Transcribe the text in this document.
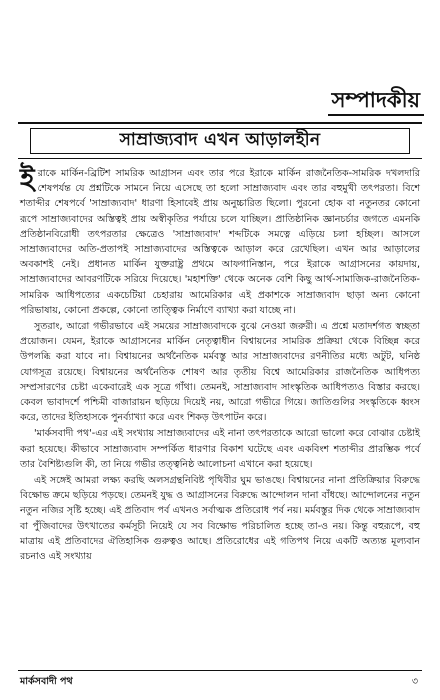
সম্পাদকীয়
সাম্রাজ্যবাদ এখন আড়ালহীন

ইরাকে মার্কিন-ব্রিটিশ সামরিক আগ্রাসন এবং তার পরে ইরাকে মার্কিন রাজনৈতিক-সামরিক দখলদারি শেষপর্যন্ত যে প্রশ্নটিকে সামনে নিয়ে এসেছে তা হলো সাম্রাজ্যবাদ এবং তার বহুমুখী তৎপরতা। বিশে শতাব্দীর শেষপর্বে 'সাম্রাজ্যবাদ' ধারণা হিসাবেই প্রায় অনুচ্চারিত ছিলো। পুরনো হোক বা নতুনতর কোনো রূপে সাম্রাজ্যবাদের অস্তিত্বই প্রায় অস্বীকৃতির পর্যায়ে চলে যাচ্ছিল। প্রাতিষ্ঠানিক জ্ঞানচর্চার জগতে এমনকি প্রতিষ্ঠানবিরোধী তৎপরতার ক্ষেত্রেও 'সাম্রাজ্যবাদ' শব্দটিকে সমত্নে এড়িয়ে চলা হচ্ছিল। আসলে সাম্রাজ্যবাদের অতি-প্রতাপই সাম্রাজ্যবাদের অস্তিত্বকে আড়াল করে রেখেছিল। এখন আর আড়ালের অবকাশই নেই। প্রধানত মার্কিন যুক্তরাষ্ট্র প্রথমে আফগানিস্তান, পরে ইরাকে আগ্রাসনের কায়দায়, সাম্রাজ্যবাদের আবরণটিকে সরিয়ে দিয়েছে। 'মহাশক্তি' থেকে অনেক বেশি কিছু আর্থ-সামাজিক-রাজনৈতিক-সামরিক আধিপত্যের একচেটিয়া চেহারায় আমেরিকার এই প্রকাশকে সাম্রাজ্যবাদ ছাড়া অন্য কোনো পরিভাষায়, কোনো প্রকল্পে, কোনো তাত্ত্বিক নির্মাণে ব্যাখ্যা করা যাচ্ছে না।

সুতরাং, আরো গভীরভাবে এই সময়ের সাম্রাজ্যবাদকে বুঝে নেওয়া জরুরী। এ প্রশ্নে মতাদর্শগত স্বচ্ছতা প্রয়োজন। যেমন, ইরাকে আগ্রাসনের মার্কিন নেতৃত্বাধীন বিশ্বায়নের সামরিক প্রক্রিয়া থেকে বিচ্ছিন্ন করে উপলব্ধি করা যাবে না। বিশ্বায়নের অর্থনৈতিক মর্মবস্তু আর সাম্রাজ্যবাদের রণনীতির মধ্যে অটুট, ঘনিষ্ঠ যোগসূত্র রয়েছে। বিশ্বায়নের অর্থনৈতিক শোষণ আর তৃতীয় বিশ্বে আমেরিকার রাজনৈতিক আধিপত্য সম্প্রসারণের চেষ্টা একেবারেই এক সূত্রে গাঁথা। তেমনই, সাম্রাজ্যবাদ সাংস্কৃতিক আধিপত্যও বিস্তার করছে। কেবল ভাবাদর্শে পশ্চিমী বাজারায়ন ছড়িয়ে দিয়েই নয়, আরো গভীরে গিয়ে। জাতিগুলির সংস্কৃতিকে ধ্বংস করে, তাদের ইতিহাসকে পুনর্ব্যাখ্যা করে এবং শিকড় উৎপাটন করে।

'মার্কসবাদী পথ'-এর এই সংখ্যায় সাম্রাজ্যবাদের এই নানা তৎপরতাকে আরো ভালো করে বোঝার চেষ্টাই করা হয়েছে। কীভাবে সাম্রাজ্যবাদ সম্পর্কিত ধারণার বিকাশ ঘটেছে এবং একবিংশ শতাব্দীর প্রারম্ভিক পর্বে তার বৈশিষ্ট্যগুলি কী, তা নিয়ে গভীর তত্ত্বনিষ্ঠ আলোচনা এখানে করা হয়েছে।

এই সঙ্গেই আমরা লক্ষ্য করছি অলসগ্রন্থনিবিষ্ট পৃথিবীর ঘুম ভাঙছে। বিশ্বায়নের নানা প্রতিক্রিয়ার বিরুদ্ধে বিক্ষোভ ক্রমে ছড়িয়ে পড়ছে। তেমনই যুদ্ধ ও আগ্রাসনের বিরুদ্ধে আন্দোলন দানা বাঁধছে। আন্দোলনের নতুন নতুন নজির সৃষ্টি হচ্ছে। এই প্রতিবাদ পর্ব এখনও সর্বাত্মক প্রতিরোধ পর্ব নয়। মর্মবস্তুর দিক থেকে সাম্রাজ্যবাদ বা পুঁজিবাদের উৎখাতের কর্মসূচী নিয়েই যে সব বিক্ষোভ পরিচালিত হচ্ছে তা-ও নয়। কিন্তু বহুরূপে, বহু মাত্রায় এই প্রতিবাদের ঐতিহাসিক গুরুত্বও আছে। প্রতিরোধের এই গতিপথ নিয়ে একটি অত্যন্ত মূল্যবান রচনাও এই সংখ্যায়

মার্কসবাদী পথ	৩
